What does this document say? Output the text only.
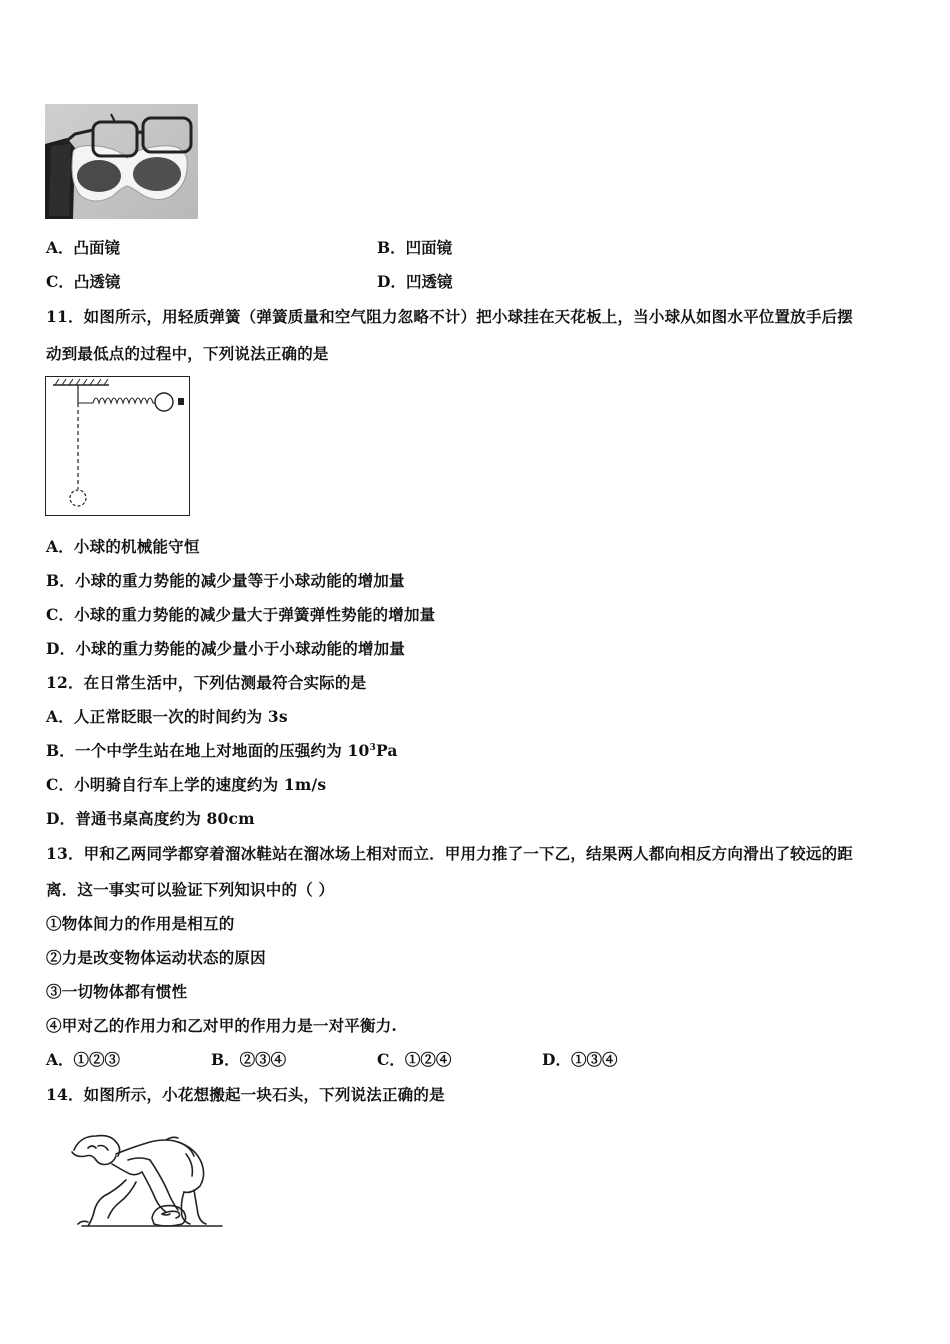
A．凸面镜	B．凹面镜
C．凸透镜	D．凹透镜
11．如图所示，用轻质弹簧（弹簧质量和空气阻力忽略不计）把小球挂在天花板上，当小球从如图水平位置放手后摆
动到最低点的过程中，下列说法正确的是
A．小球的机械能守恒
B．小球的重力势能的减少量等于小球动能的增加量
C．小球的重力势能的减少量大于弹簧弹性势能的增加量
D．小球的重力势能的减少量小于小球动能的增加量
12．在日常生活中，下列估测最符合实际的是
A．人正常眨眼一次的时间约为 3s
B．一个中学生站在地上对地面的压强约为 $10^3Pa$
C．小明骑自行车上学的速度约为 1m/s
D．普通书桌高度约为 80cm
13．甲和乙两同学都穿着溜冰鞋站在溜冰场上相对而立．甲用力推了一下乙，结果两人都向相反方向滑出了较远的距
离．这一事实可以验证下列知识中的（ ）
①物体间力的作用是相互的
②力是改变物体运动状态的原因
③一切物体都有惯性
④甲对乙的作用力和乙对甲的作用力是一对平衡力.
A．①②③	B．②③④	C．①②④	D．①③④
14．如图所示，小花想搬起一块石头，下列说法正确的是
